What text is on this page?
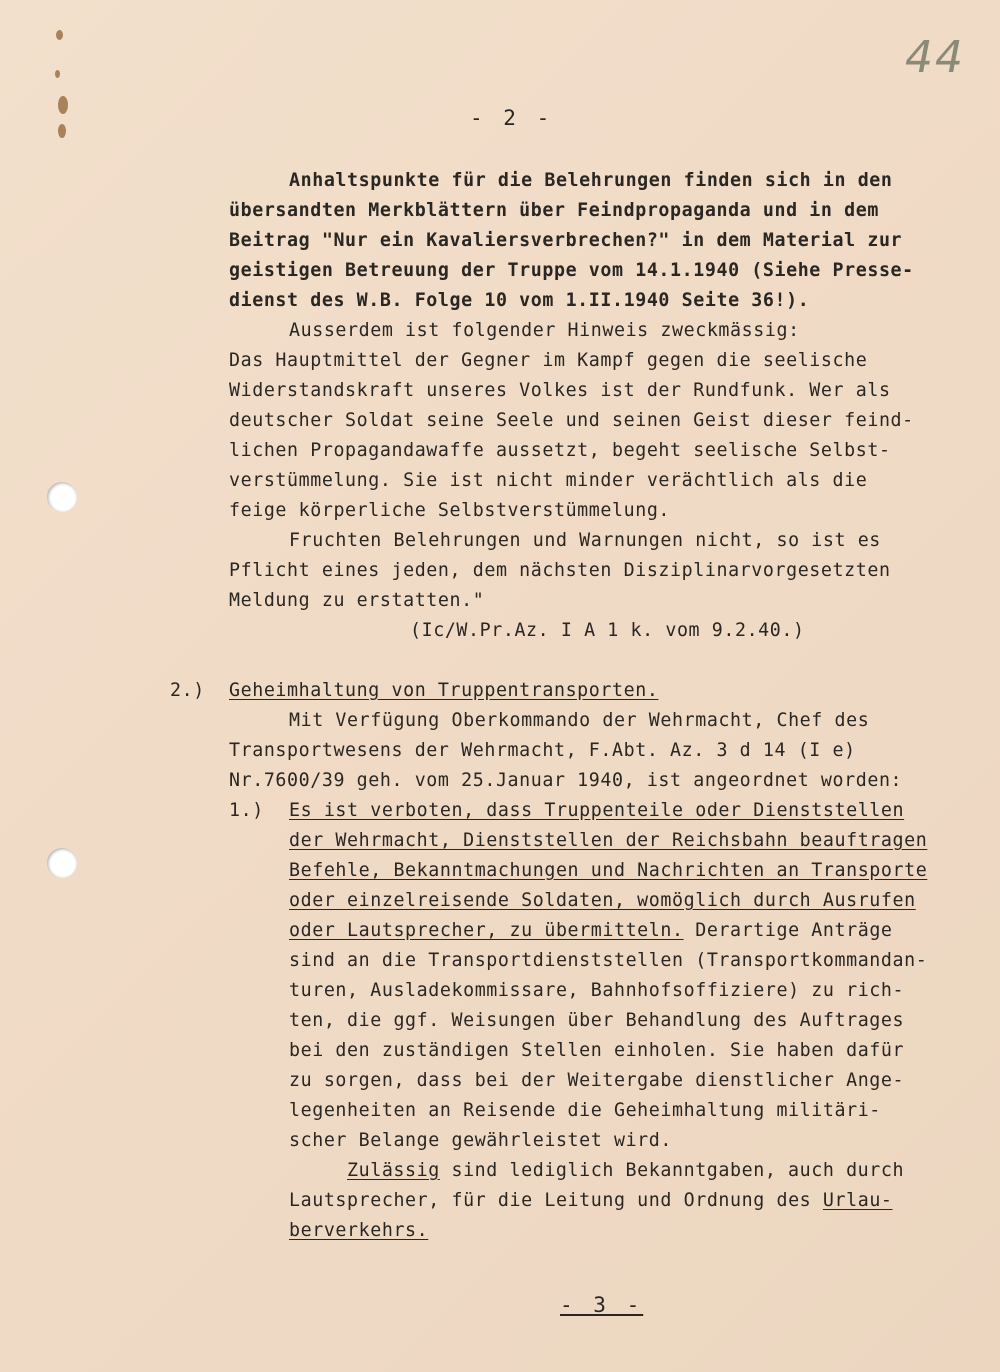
44
- 2 -
Anhaltspunkte für die Belehrungen finden sich in den
übersandten Merkblättern über Feindpropaganda und in dem
Beitrag "Nur ein Kavaliersverbrechen?" in dem Material zur
geistigen Betreuung der Truppe vom 14.1.1940 (Siehe Presse-
dienst des W.B. Folge 10 vom 1.II.1940 Seite 36!).
Ausserdem ist folgender Hinweis zweckmässig:
Das Hauptmittel der Gegner im Kampf gegen die seelische
Widerstandskraft unseres Volkes ist der Rundfunk. Wer als
deutscher Soldat seine Seele und seinen Geist dieser feind-
lichen Propagandawaffe aussetzt, begeht seelische Selbst-
verstümmelung. Sie ist nicht minder verächtlich als die
feige körperliche Selbstverstümmelung.
Fruchten Belehrungen und Warnungen nicht, so ist es
Pflicht eines jeden, dem nächsten Disziplinarvorgesetzten
Meldung zu erstatten."
(Ic/W.Pr.Az. I A 1 k. vom 9.2.40.)
2.) Geheimhaltung von Truppentransporten.
Mit Verfügung Oberkommando der Wehrmacht, Chef des
Transportwesens der Wehrmacht, F.Abt. Az. 3 d 14 (I e)
Nr.7600/39 geh. vom 25.Januar 1940, ist angeordnet worden:
1.) Es ist verboten, dass Truppenteile oder Dienststellen
der Wehrmacht, Dienststellen der Reichsbahn beauftragen
Befehle, Bekanntmachungen und Nachrichten an Transporte
oder einzelreisende Soldaten, womöglich durch Ausrufen
oder Lautsprecher, zu übermitteln. Derartige Anträge
sind an die Transportdienststellen (Transportkommandan-
turen, Ausladekommissare, Bahnhofsoffiziere) zu rich-
ten, die ggf. Weisungen über Behandlung des Auftrages
bei den zuständigen Stellen einholen. Sie haben dafür
zu sorgen, dass bei der Weitergabe dienstlicher Ange-
legenheiten an Reisende die Geheimhaltung militäri-
scher Belange gewährleistet wird.
Zulässig sind lediglich Bekanntgaben, auch durch
Lautsprecher, für die Leitung und Ordnung des Urlau-
berverkehrs.
- 3 -
